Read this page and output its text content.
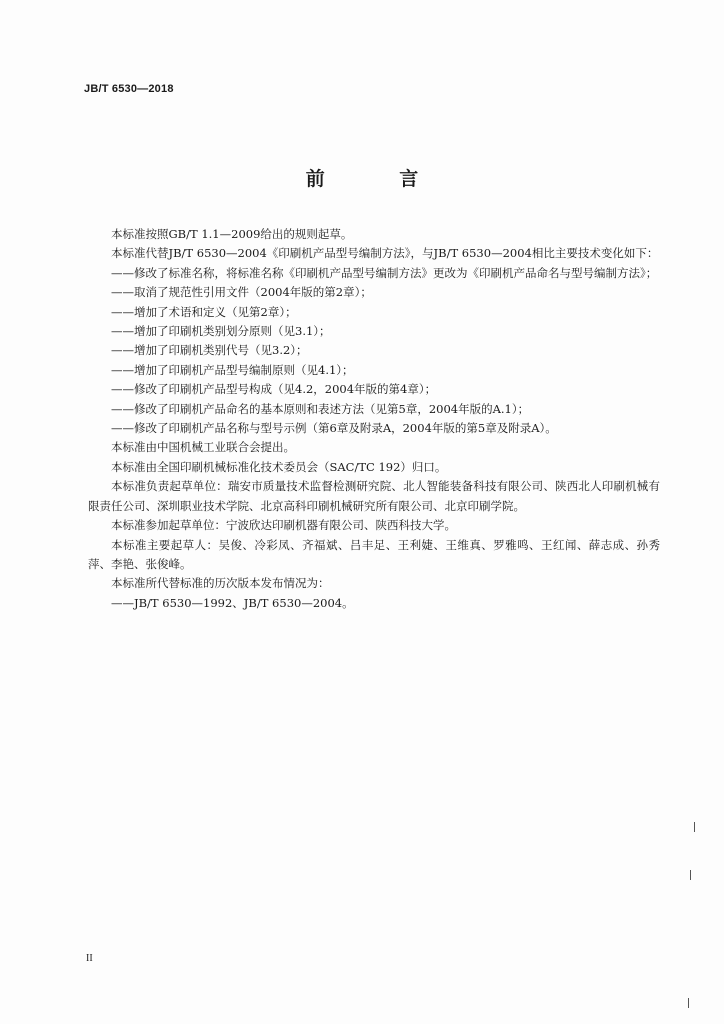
JB/T 6530—2018
前 言

本标准按照GB/T 1.1—2009给出的规则起草。

本标准代替JB/T 6530—2004《印刷机产品型号编制方法》，与JB/T 6530—2004相比主要技术变化如下：

——修改了标准名称，将标准名称《印刷机产品型号编制方法》更改为《印刷机产品命名与型号编制方法》；

——取消了规范性引用文件（2004年版的第2章）；

——增加了术语和定义（见第2章）；

——增加了印刷机类别划分原则（见3.1）；

——增加了印刷机类别代号（见3.2）；

——增加了印刷机产品型号编制原则（见4.1）；

——修改了印刷机产品型号构成（见4.2，2004年版的第4章）；

——修改了印刷机产品命名的基本原则和表述方法（见第5章，2004年版的A.1）；

——修改了印刷机产品名称与型号示例（第6章及附录A，2004年版的第5章及附录A）。

本标准由中国机械工业联合会提出。

本标准由全国印刷机械标准化技术委员会（SAC/TC 192）归口。

本标准负责起草单位：瑞安市质量技术监督检测研究院、北人智能装备科技有限公司、陕西北人印刷机械有限责任公司、深圳职业技术学院、北京高科印刷机械研究所有限公司、北京印刷学院。

本标准参加起草单位：宁波欣达印刷机器有限公司、陕西科技大学。

本标准主要起草人：吴俊、冷彩凤、齐福斌、吕丰足、王利婕、王维真、罗雅鸣、王红闻、薛志成、孙秀萍、李艳、张俊峰。

本标准所代替标准的历次版本发布情况为：

——JB/T 6530—1992、JB/T 6530—2004。

II
